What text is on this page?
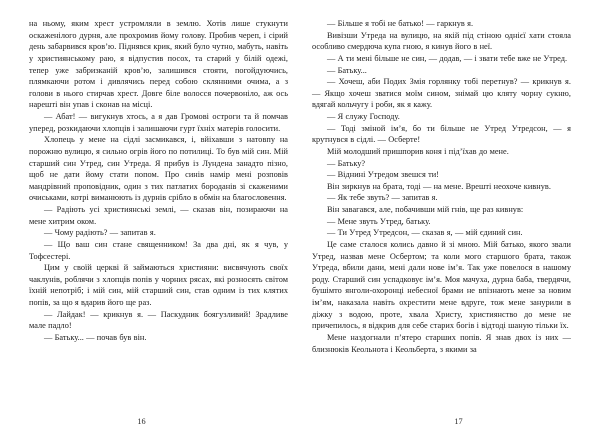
на ньому, яким хрест устромляли в землю. Хотів лише стукнути оскаженілого дурня, але прохромив йому голову. Пробив череп, і сірий день забарвився кров’ю. Піднявся крик, який було чутно, мабуть, навіть у християнському раю, я відпустив посох, та старий у білій одежі, тепер уже забризканій кров’ю, залишився стояти, погойдуючись, плямкаючи ротом і дивлячись перед собою склянними очима, а з голови в нього стирчав хрест. Довге біле волосся почервоніло, аж ось нарешті він упав і сконав на місці.

— Абат! — вигукнув хтось, а я дав Громові остроги та й помчав уперед, розкидаючи хлопців і залишаючи гурт їхніх матерів голосити.

Хлопець у мене на сідлі засмикався, і, вйіхавши з натовпу на порожню вулицю, я сильно огрів його по потилиці. То був мій син. Мій старший син Утред, син Утреда. Я прибув із Лундена занадто пізно, щоб не дати йому стати попом. Про синів намір мені розповів мандрівний проповідник, один з тих патлатих бороданів зі скаженими очиськами, котрі виманюють із дурнів срібло в обмін на благословення.

— Радіють усі християнські землі, — сказав він, позираючи на мене хитрим оком.

— Чому радіють? — запитав я.

— Що ваш син стане священником! За два дні, як я чув, у Тофсестері.

Цим у своїй церкві й займаються християни: висвячують своїх чаклунів, роблячи з хлопців попів у чорних рясах, які розносять світом їхній непотріб; і мій син, мій старший син, став одним із тих клятих попів, за що я вдарив його ще раз.

— Лайдак! — крикнув я. — Паскудник боягузливий! Зрадливе мале падло!

— Батьку... — почав був він.

16

— Більше я тобі не батько! — гаркнув я.

Вивізши Утреда на вулицю, на якій під стіною однієї хати стояла особливо смердюча купа гною, я кинув його в неї.

— А ти мені більше не син, — додав, — і звати тебе вже не Утред.

— Батьку...

— Хочеш, аби Подих Змія горлянку тобі перетнув? — крикнув я. — Якщо хочеш зватися моїм сином, знімай цю кляту чорну сукню, вдягай кольчугу і роби, як я кажу.

— Я служу Господу.

— Тоді зміной ім’я, бо ти більше не Утред Утредсон, — я крутнувся в сідлі. — Осберте!

Мій молодший пришпорив коня і під’їхав до мене.

— Батьку?

— Віднині Утредом звешся ти!

Він зиркнув на брата, тоді — на мене. Врешті неохоче кивнув.

— Як тебе звуть? — запитав я.

Він завагався, але, побачивши мій гнів, ще раз кивнув:

— Мене звуть Утред, батьку.

— Ти Утред Утредсон, — сказав я, — мій єдиний син.

Це саме сталося колись давно й зі мною. Мій батько, якого звали Утред, назвав мене Осбертом; та коли мого старшого брата, також Утреда, вбили дани, мені дали нове ім’я. Так уже повелося в нашому роду. Старший син успадковує ім’я. Моя мачуха, дурна баба, твердячи, бушімто янголи-охоронці небесної брами не впізнають мене за новим ім’ям, наказала навіть охрестити мене вдруге, тож мене занурили в діжку з водою, проте, хвала Христу, християнство до мене не причепилось, я відкрив для себе старих богів і відтоді шаную тільки їх.

Мене наздогнали п’ятеро старших попів. Я знав двох із них — близнюків Кеольнота і Кеольберта, з якими за

17
